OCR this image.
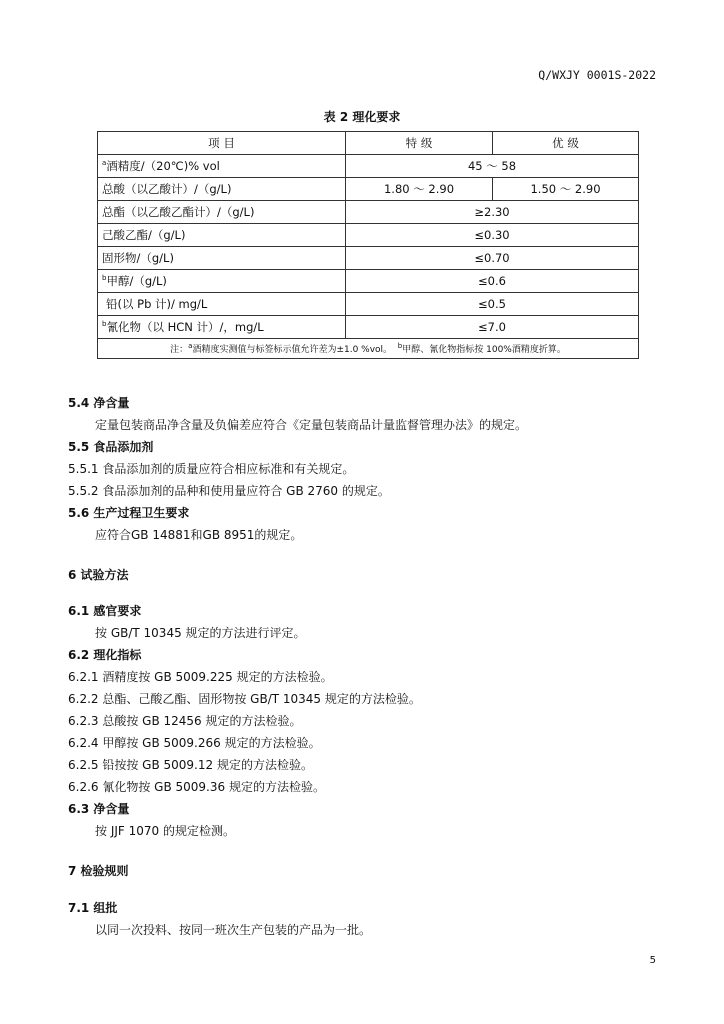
Q/WXJY 0001S-2022
表 2 理化要求
项 目	特 级	优 级
$^a$酒精度/（20℃)% vol	45 ～ 58	
总酸（以乙酸计）/（g/L)	1.80 ～ 2.90	1.50 ～ 2.90
总酯（以乙酸乙酯计）/（g/L)	≥2.30	
己酸乙酯/（g/L)	≤0.30	
固形物/（g/L)	≤0.70	
$^b$甲醇/（g/L)	≤0.6	
铅(以 Pb 计)/ mg/L	≤0.5	
$^b$氰化物（以 HCN 计）/，mg/L	≤7.0	
注：$^a$酒精度实测值与标签标示值允许差为±1.0 %vol。 $^b$甲醇、氰化物指标按 100%酒精度折算。		
5.4 净含量
定量包装商品净含量及负偏差应符合《定量包装商品计量监督管理办法》的规定。
5.5 食品添加剂
5.5.1 食品添加剂的质量应符合相应标准和有关规定。
5.5.2 食品添加剂的品种和使用量应符合 GB 2760 的规定。
5.6 生产过程卫生要求
应符合GB 14881和GB 8951的规定。
6 试验方法
6.1 感官要求
按 GB/T 10345 规定的方法进行评定。
6.2 理化指标
6.2.1 酒精度按 GB 5009.225 规定的方法检验。
6.2.2 总酯、己酸乙酯、固形物按 GB/T 10345 规定的方法检验。
6.2.3 总酸按 GB 12456 规定的方法检验。
6.2.4 甲醇按 GB 5009.266 规定的方法检验。
6.2.5 铅按按 GB 5009.12 规定的方法检验。
6.2.6 氰化物按 GB 5009.36 规定的方法检验。
6.3 净含量
按 JJF 1070 的规定检测。
7 检验规则
7.1 组批
以同一次投料、按同一班次生产包装的产品为一批。
5
